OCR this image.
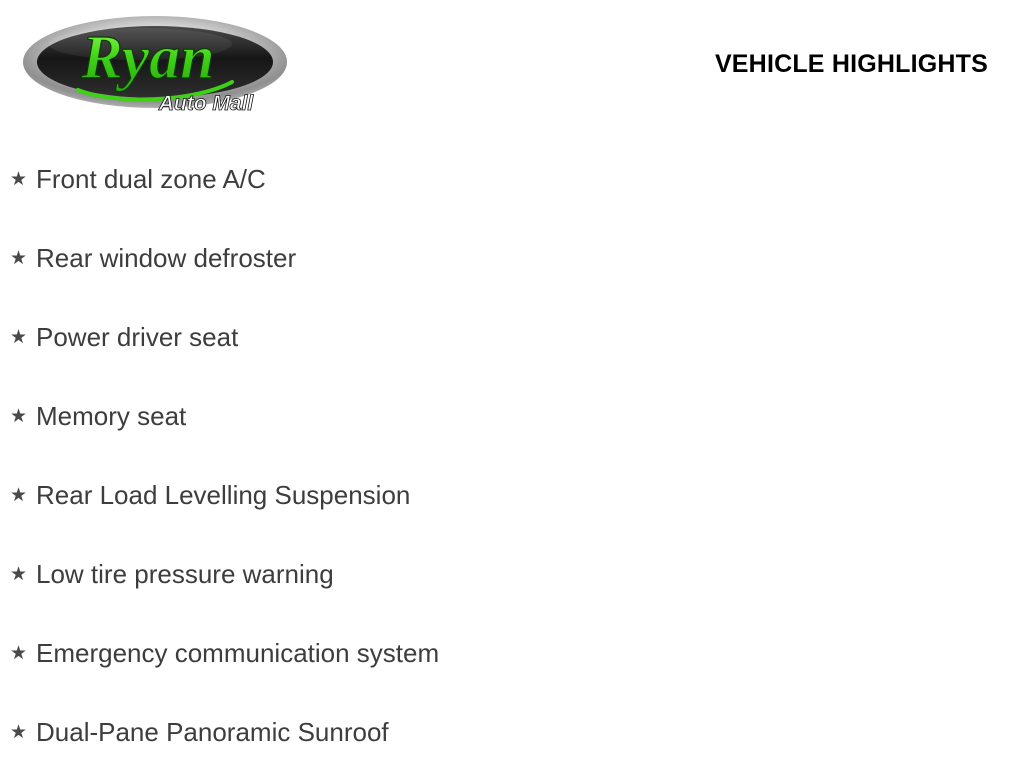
Ryan
Auto Mall
VEHICLE HIGHLIGHTS
★ Front dual zone A/C
★ Rear window defroster
★ Power driver seat
★ Memory seat
★ Rear Load Levelling Suspension
★ Low tire pressure warning
★ Emergency communication system
★ Dual-Pane Panoramic Sunroof
